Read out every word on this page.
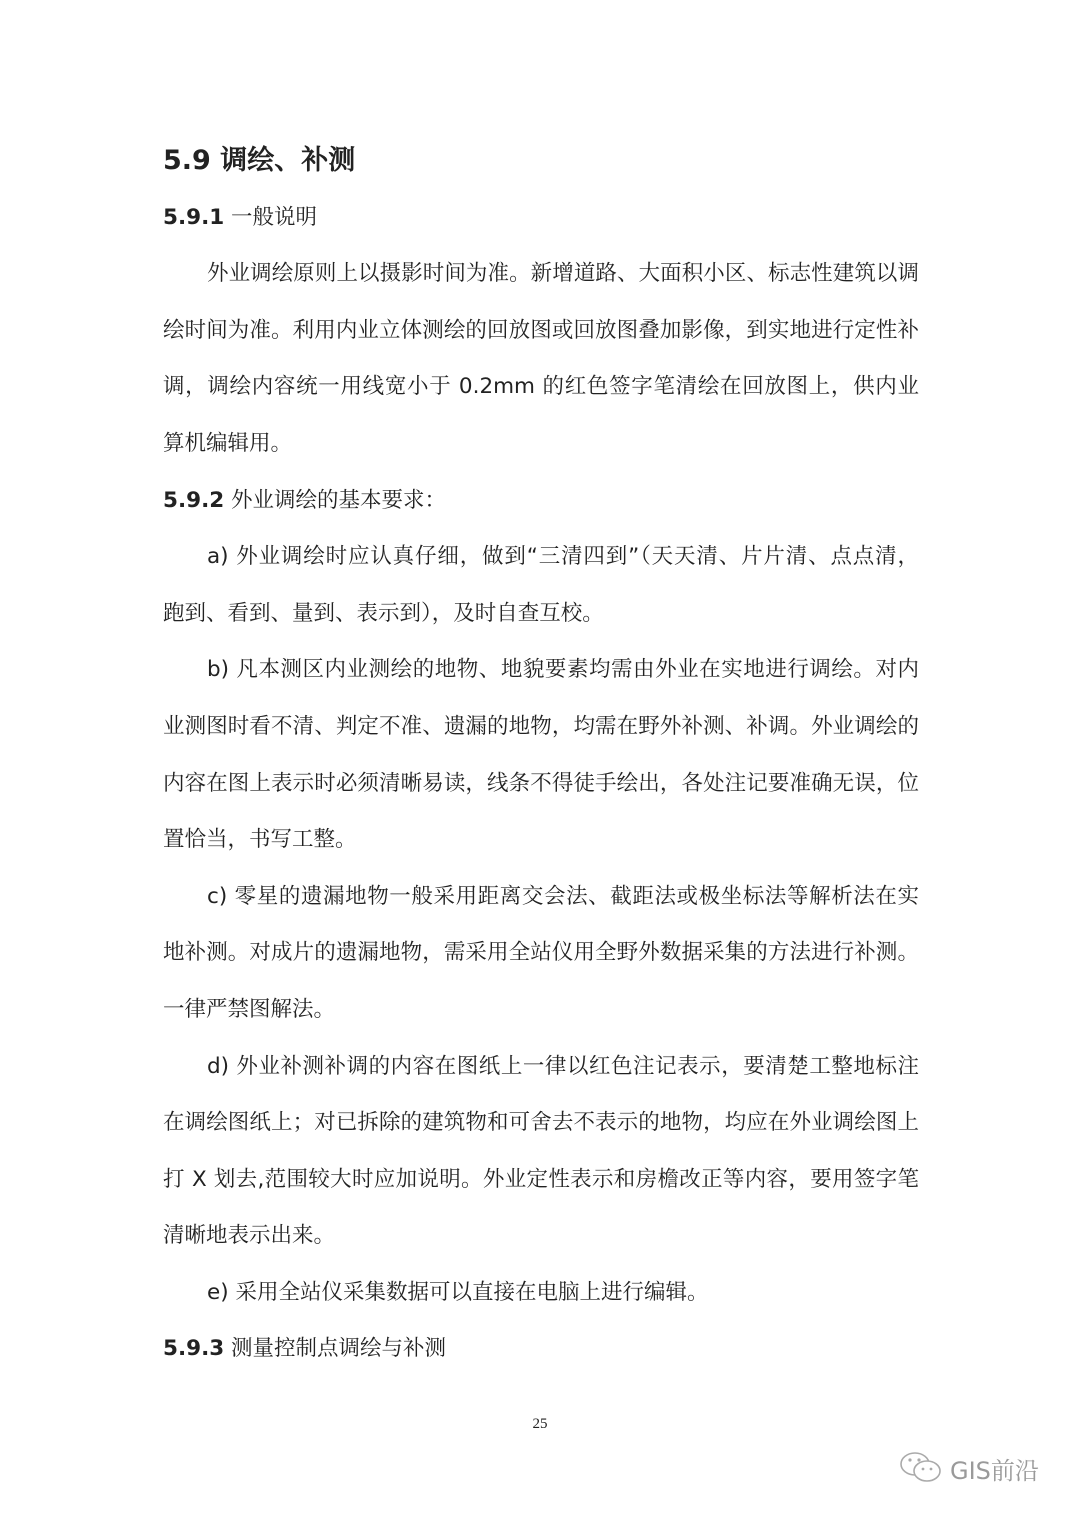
5.9 调绘、补测
5.9.1 一般说明
外业调绘原则上以摄影时间为准。新增道路、大面积小区、标志性建筑以调
绘时间为准。利用内业立体测绘的回放图或回放图叠加影像，到实地进行定性补
调，调绘内容统一用线宽小于 0.2mm 的红色签字笔清绘在回放图上，供内业
算机编辑用。
5.9.2 外业调绘的基本要求：
a) 外业调绘时应认真仔细，做到“三清四到”（天天清、片片清、点点清，
跑到、看到、量到、表示到），及时自查互校。
b) 凡本测区内业测绘的地物、地貌要素均需由外业在实地进行调绘。对内
业测图时看不清、判定不准、遗漏的地物，均需在野外补测、补调。外业调绘的
内容在图上表示时必须清晰易读，线条不得徒手绘出，各处注记要准确无误，位
置恰当，书写工整。
c) 零星的遗漏地物一般采用距离交会法、截距法或极坐标法等解析法在实
地补测。对成片的遗漏地物，需采用全站仪用全野外数据采集的方法进行补测。
一律严禁图解法。
d) 外业补测补调的内容在图纸上一律以红色注记表示，要清楚工整地标注
在调绘图纸上；对已拆除的建筑物和可舍去不表示的地物，均应在外业调绘图上
打 X 划去,范围较大时应加说明。外业定性表示和房檐改正等内容，要用签字笔
清晰地表示出来。
e) 采用全站仪采集数据可以直接在电脑上进行编辑。
5.9.3 测量控制点调绘与补测
25
GIS前沿
